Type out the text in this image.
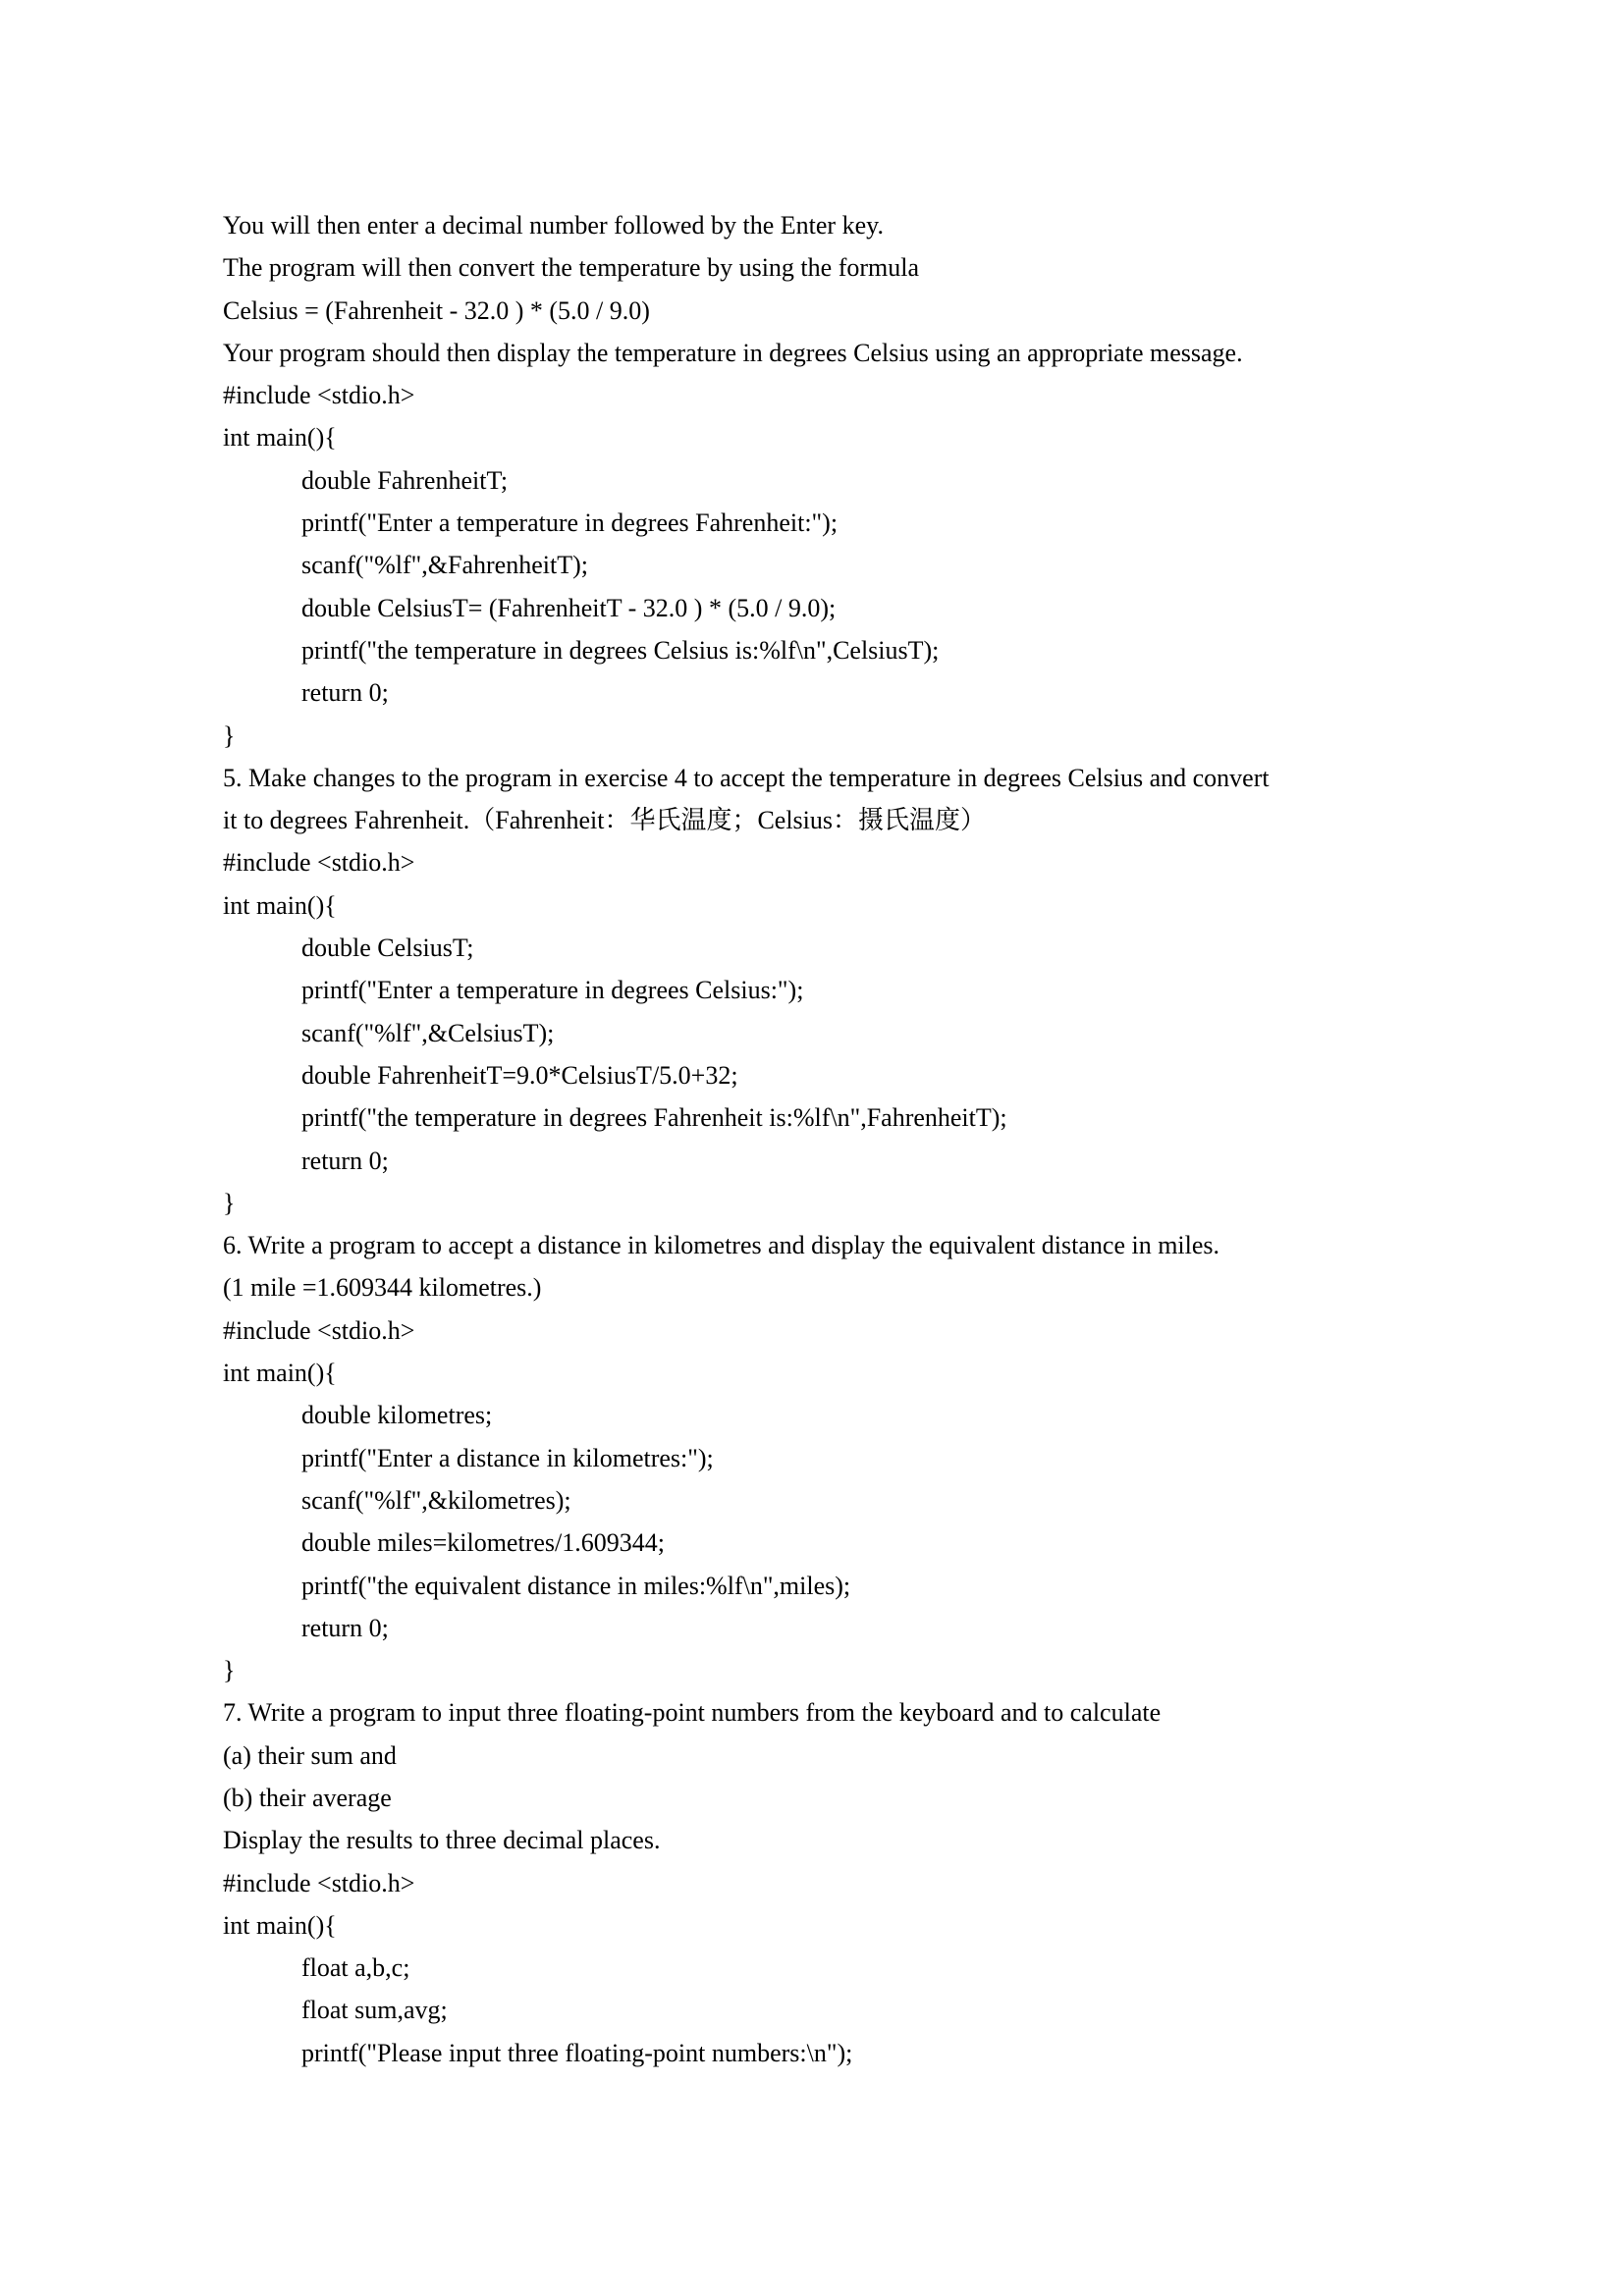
You will then enter a decimal number followed by the Enter key.
The program will then convert the temperature by using the formula
Celsius = (Fahrenheit - 32.0 ) * (5.0 / 9.0)
Your program should then display the temperature in degrees Celsius using an appropriate message.
#include <stdio.h>
int main(){
double FahrenheitT;
printf("Enter a temperature in degrees Fahrenheit:");
scanf("%lf",&FahrenheitT);
double CelsiusT= (FahrenheitT - 32.0 ) * (5.0 / 9.0);
printf("the temperature in degrees Celsius is:%lf\n",CelsiusT);
return 0;
}
5. Make changes to the program in exercise 4 to accept the temperature in degrees Celsius and convert
it to degrees Fahrenheit.（Fahrenheit：华氏温度；Celsius：摄氏温度）
#include <stdio.h>
int main(){
double CelsiusT;
printf("Enter a temperature in degrees Celsius:");
scanf("%lf",&CelsiusT);
double FahrenheitT=9.0*CelsiusT/5.0+32;
printf("the temperature in degrees Fahrenheit is:%lf\n",FahrenheitT);
return 0;
}
6. Write a program to accept a distance in kilometres and display the equivalent distance in miles.
(1 mile =1.609344 kilometres.)
#include <stdio.h>
int main(){
double kilometres;
printf("Enter a distance in kilometres:");
scanf("%lf",&kilometres);
double miles=kilometres/1.609344;
printf("the equivalent distance in miles:%lf\n",miles);
return 0;
}
7. Write a program to input three floating-point numbers from the keyboard and to calculate
(a) their sum and
(b) their average
Display the results to three decimal places.
#include <stdio.h>
int main(){
float a,b,c;
float sum,avg;
printf("Please input three floating-point numbers:\n");
